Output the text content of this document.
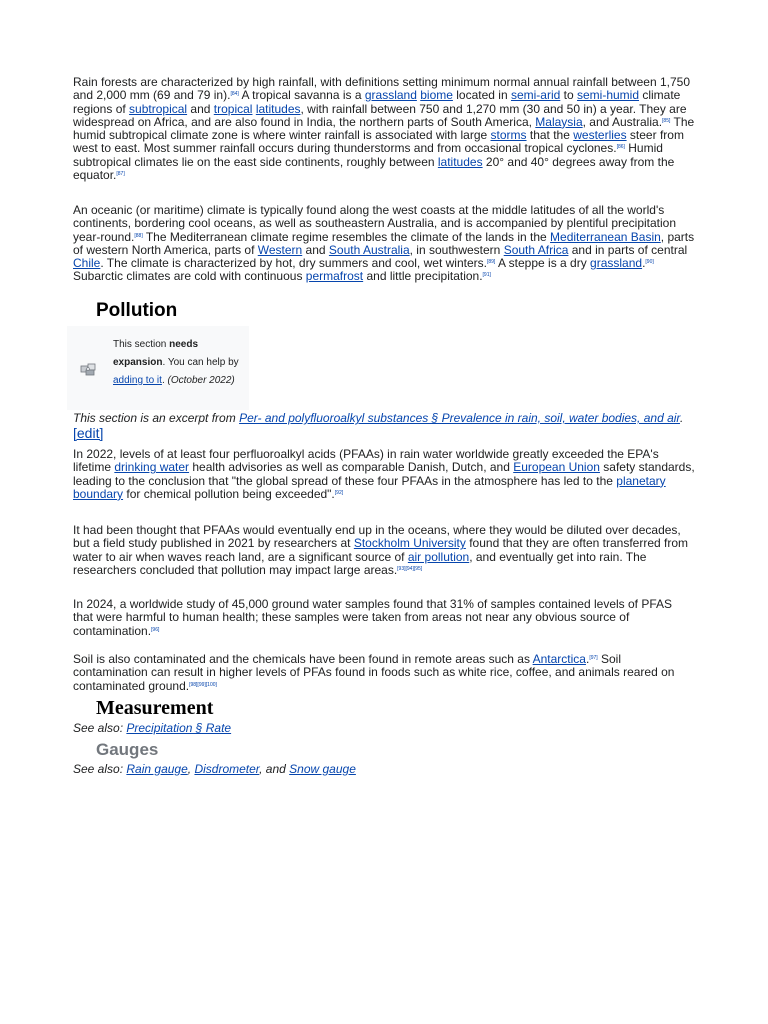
Rain forests are characterized by high rainfall, with definitions setting minimum normal annual rainfall between 1,750 and 2,000 mm (69 and 79 in).[84] A tropical savanna is a grassland biome located in semi-arid to semi-humid climate regions of subtropical and tropical latitudes, with rainfall between 750 and 1,270 mm (30 and 50 in) a year. They are widespread on Africa, and are also found in India, the northern parts of South America, Malaysia, and Australia.[85] The humid subtropical climate zone is where winter rainfall is associated with large storms that the westerlies steer from west to east. Most summer rainfall occurs during thunderstorms and from occasional tropical cyclones.[86] Humid subtropical climates lie on the east side continents, roughly between latitudes 20° and 40° degrees away from the equator.[87]

An oceanic (or maritime) climate is typically found along the west coasts at the middle latitudes of all the world's continents, bordering cool oceans, as well as southeastern Australia, and is accompanied by plentiful precipitation year-round.[88] The Mediterranean climate regime resembles the climate of the lands in the Mediterranean Basin, parts of western North America, parts of Western and South Australia, in southwestern South Africa and in parts of central Chile. The climate is characterized by hot, dry summers and cool, wet winters.[89] A steppe is a dry grassland.[90] Subarctic climates are cold with continuous permafrost and little precipitation.[91]

Pollution
This section needs expansion. You can help by adding to it. (October 2022)
This section is an excerpt from Per- and polyfluoroalkyl substances § Prevalence in rain, soil, water bodies, and air.[edit]

In 2022, levels of at least four perfluoroalkyl acids (PFAAs) in rain water worldwide greatly exceeded the EPA's lifetime drinking water health advisories as well as comparable Danish, Dutch, and European Union safety standards, leading to the conclusion that "the global spread of these four PFAAs in the atmosphere has led to the planetary boundary for chemical pollution being exceeded".[92]

It had been thought that PFAAs would eventually end up in the oceans, where they would be diluted over decades, but a field study published in 2021 by researchers at Stockholm University found that they are often transferred from water to air when waves reach land, are a significant source of air pollution, and eventually get into rain. The researchers concluded that pollution may impact large areas.[93][94][95]

In 2024, a worldwide study of 45,000 ground water samples found that 31% of samples contained levels of PFAS that were harmful to human health; these samples were taken from areas not near any obvious source of contamination.[96]

Soil is also contaminated and the chemicals have been found in remote areas such as Antarctica.[97] Soil contamination can result in higher levels of PFAs found in foods such as white rice, coffee, and animals reared on contaminated ground.[98][99][100]

Measurement
See also: Precipitation § Rate
Gauges
See also: Rain gauge, Disdrometer, and Snow gauge
